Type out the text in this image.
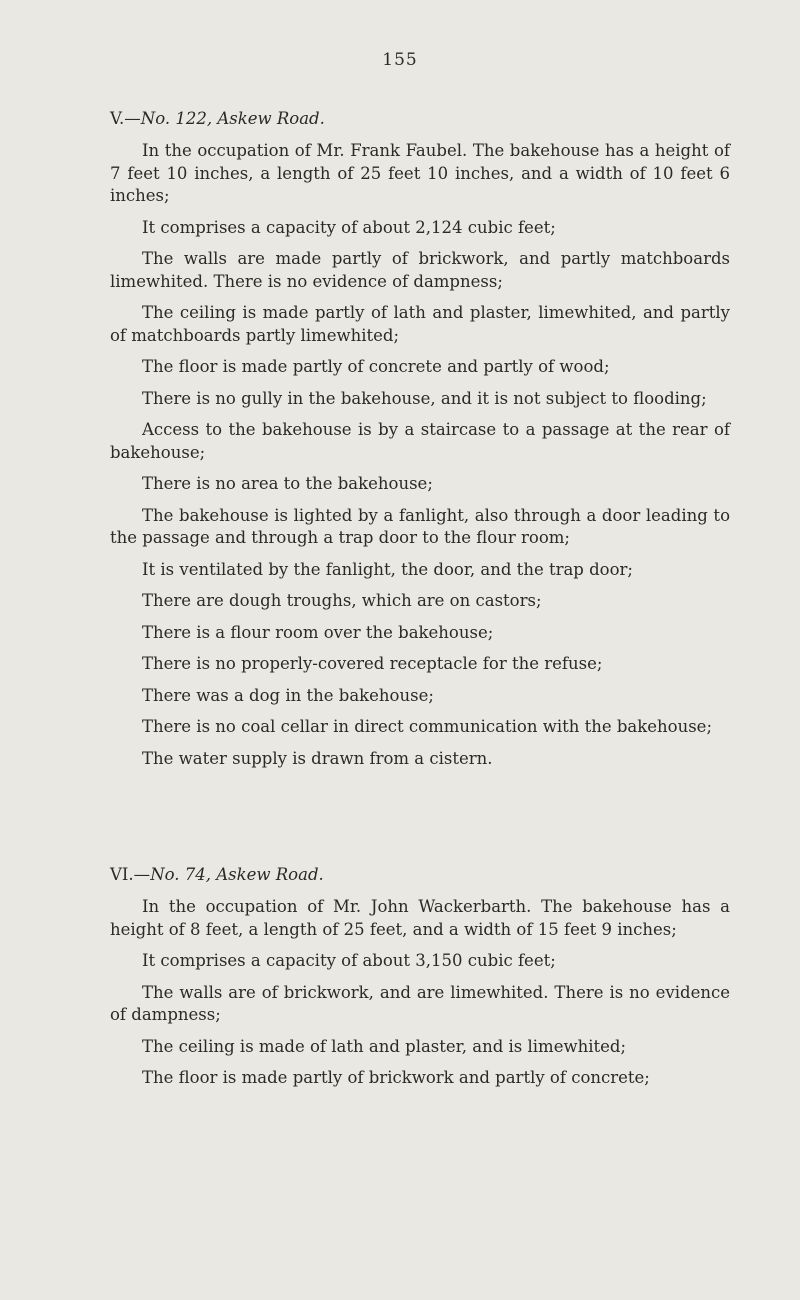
155
V.—No. 122, Askew Road.

In the occupation of Mr. Frank Faubel. The bakehouse has a height of 7 feet 10 inches, a length of 25 feet 10 inches, and a width of 10 feet 6 inches;

It comprises a capacity of about 2,124 cubic feet;

The walls are made partly of brickwork, and partly matchboards limewhited. There is no evidence of dampness;

The ceiling is made partly of lath and plaster, limewhited, and partly of matchboards partly limewhited;

The floor is made partly of concrete and partly of wood;

There is no gully in the bakehouse, and it is not subject to flooding;

Access to the bakehouse is by a staircase to a passage at the rear of bakehouse;

There is no area to the bakehouse;

The bakehouse is lighted by a fanlight, also through a door leading to the passage and through a trap door to the flour room;

It is ventilated by the fanlight, the door, and the trap door;

There are dough troughs, which are on castors;

There is a flour room over the bakehouse;

There is no properly-covered receptacle for the refuse;

There was a dog in the bakehouse;

There is no coal cellar in direct communication with the bakehouse;

The water supply is drawn from a cistern.

VI.—No. 74, Askew Road.

In the occupation of Mr. John Wackerbarth. The bakehouse has a height of 8 feet, a length of 25 feet, and a width of 15 feet 9 inches;

It comprises a capacity of about 3,150 cubic feet;

The walls are of brickwork, and are limewhited. There is no evidence of dampness;

The ceiling is made of lath and plaster, and is limewhited;

The floor is made partly of brickwork and partly of concrete;
